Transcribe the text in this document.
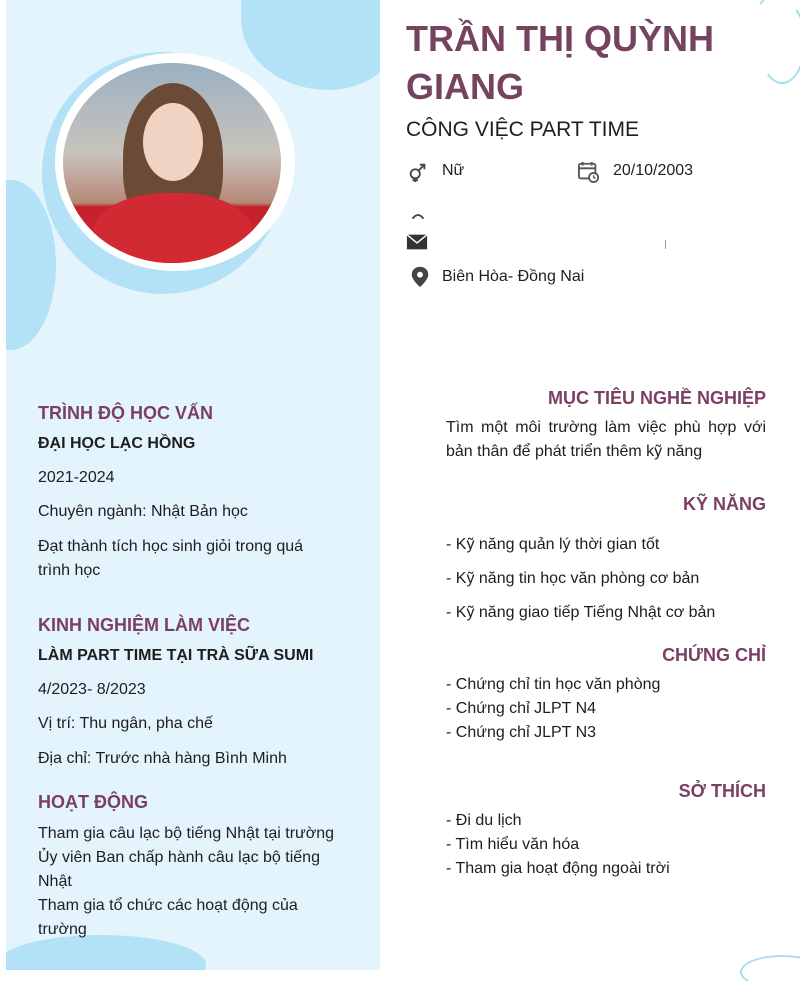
TRÌNH ĐỘ HỌC VẤN

ĐẠI HỌC LẠC HỒNG

2021-2024

Chuyên ngành: Nhật Bản học

Đạt thành tích học sinh giỏi trong quá trình học

KINH NGHIỆM LÀM VIỆC

LÀM PART TIME TẠI TRÀ SỮA SUMI

4/2023- 8/2023

Vị trí: Thu ngân, pha chế

Địa chỉ: Trước nhà hàng Bình Minh

HOẠT ĐỘNG

Tham gia câu lạc bộ tiếng Nhật tại trường

Ủy viên Ban chấp hành câu lạc bộ tiếng Nhật

Tham gia tổ chức các hoạt động của trường

TRẦN THỊ QUỲNH GIANG
CÔNG VIỆC PART TIME
Nữ	20/10/2003
Biên Hòa- Đồng Nai
MỤC TIÊU NGHỀ NGHIỆP

Tìm một môi trường làm việc phù hợp với bản thân để phát triển thêm kỹ năng

KỸ NĂNG

- Kỹ năng quản lý thời gian tốt

- Kỹ năng tin học văn phòng cơ bản

- Kỹ năng giao tiếp Tiếng Nhật cơ bản

CHỨNG CHỈ

- Chứng chỉ tin học văn phòng

- Chứng chỉ JLPT N4

- Chứng chỉ JLPT N3

SỞ THÍCH

- Đi du lịch

- Tìm hiểu văn hóa

- Tham gia hoạt động ngoài trời
